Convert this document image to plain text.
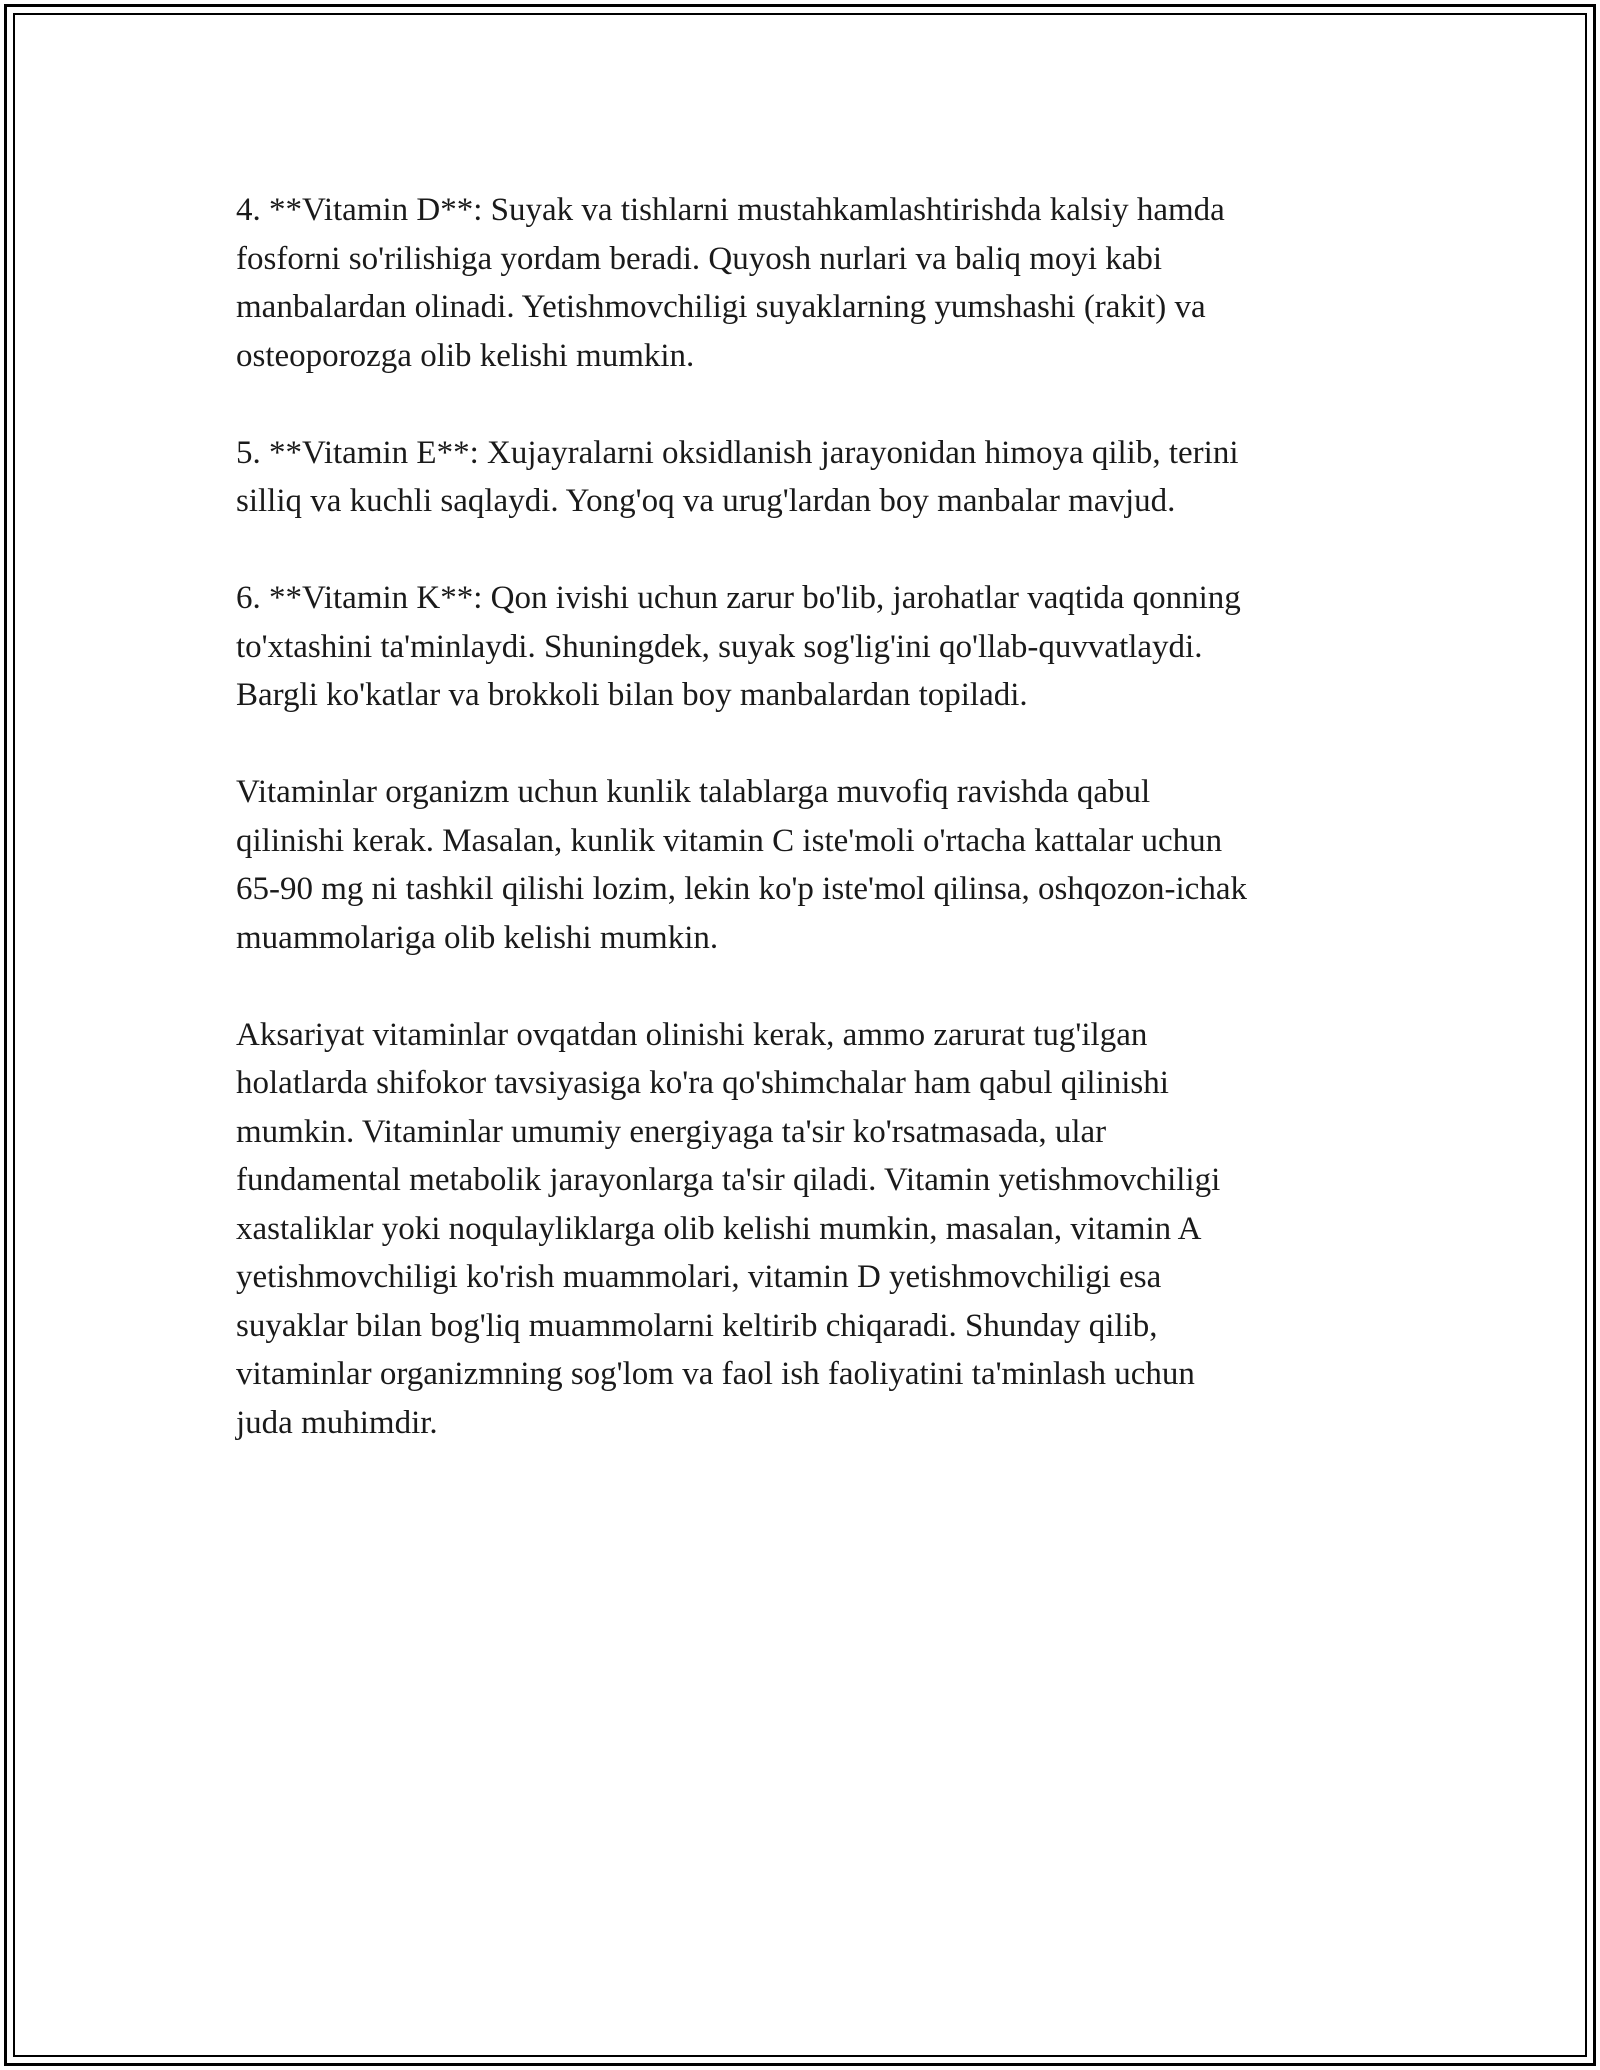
4. **Vitamin D**: Suyak va tishlarni mustahkamlashtirishda kalsiy hamda
fosforni so'rilishiga yordam beradi. Quyosh nurlari va baliq moyi kabi
manbalardan olinadi. Yetishmovchiligi suyaklarning yumshashi (rakit) va
osteoporozga olib kelishi mumkin.

5. **Vitamin E**: Xujayralarni oksidlanish jarayonidan himoya qilib, terini
silliq va kuchli saqlaydi. Yong'oq va urug'lardan boy manbalar mavjud.

6. **Vitamin K**: Qon ivishi uchun zarur bo'lib, jarohatlar vaqtida qonning
to'xtashini ta'minlaydi. Shuningdek, suyak sog'lig'ini qo'llab-quvvatlaydi.
Bargli ko'katlar va brokkoli bilan boy manbalardan topiladi.

Vitaminlar organizm uchun kunlik talablarga muvofiq ravishda qabul
qilinishi kerak. Masalan, kunlik vitamin C iste'moli o'rtacha kattalar uchun
65-90 mg ni tashkil qilishi lozim, lekin ko'p iste'mol qilinsa, oshqozon-ichak
muammolariga olib kelishi mumkin.

Aksariyat vitaminlar ovqatdan olinishi kerak, ammo zarurat tug'ilgan
holatlarda shifokor tavsiyasiga ko'ra qo'shimchalar ham qabul qilinishi
mumkin. Vitaminlar umumiy energiyaga ta'sir ko'rsatmasada, ular
fundamental metabolik jarayonlarga ta'sir qiladi. Vitamin yetishmovchiligi
xastaliklar yoki noqulayliklarga olib kelishi mumkin, masalan, vitamin A
yetishmovchiligi ko'rish muammolari, vitamin D yetishmovchiligi esa
suyaklar bilan bog'liq muammolarni keltirib chiqaradi. Shunday qilib,
vitaminlar organizmning sog'lom va faol ish faoliyatini ta'minlash uchun
juda muhimdir.
